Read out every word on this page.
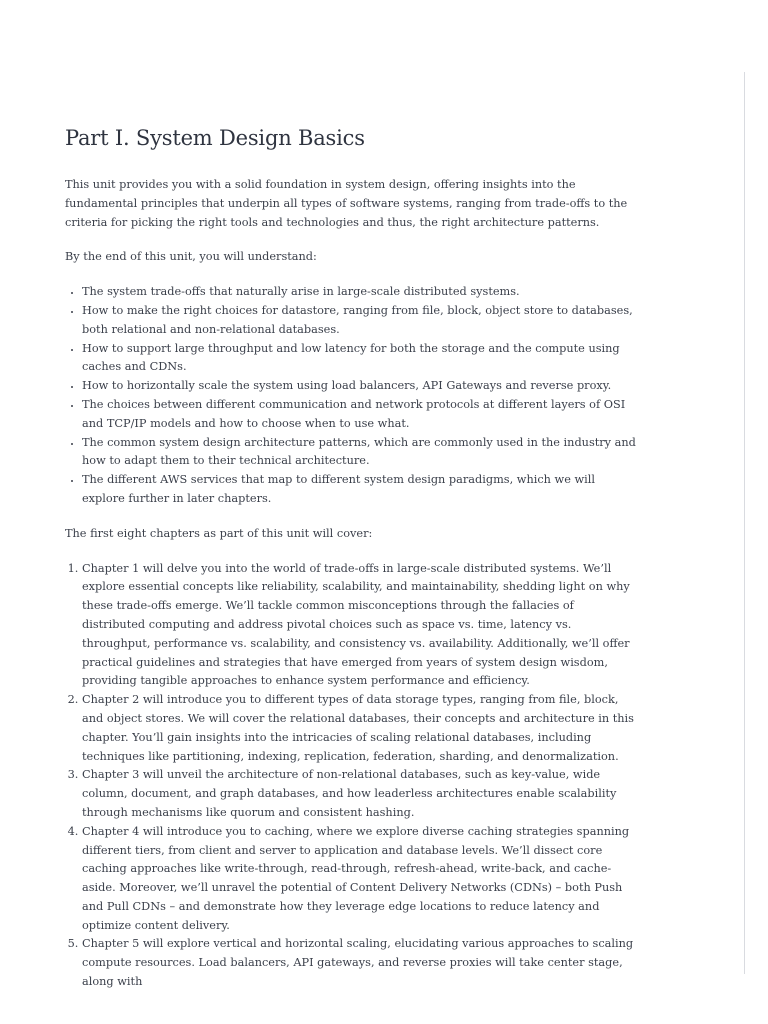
Part I. System Design Basics

This unit provides you with a solid foundation in system design, offering insights into the fundamental principles that underpin all types of software systems, ranging from trade-offs to the criteria for picking the right tools and technologies and thus, the right architecture patterns.

By the end of this unit, you will understand:

• The system trade-offs that naturally arise in large-scale distributed systems.
• How to make the right choices for datastore, ranging from file, block, object store to databases, both relational and non-relational databases.
• How to support large throughput and low latency for both the storage and the compute using caches and CDNs.
• How to horizontally scale the system using load balancers, API Gateways and reverse proxy.
• The choices between different communication and network protocols at different layers of OSI and TCP/IP models and how to choose when to use what.
• The common system design architecture patterns, which are commonly used in the industry and how to adapt them to their technical architecture.
• The different AWS services that map to different system design paradigms, which we will explore further in later chapters.

The first eight chapters as part of this unit will cover:

1. Chapter 1 will delve you into the world of trade-offs in large-scale distributed systems. We’ll explore essential concepts like reliability, scalability, and maintainability, shedding light on why these trade-offs emerge. We’ll tackle common misconceptions through the fallacies of distributed computing and address pivotal choices such as space vs. time, latency vs. throughput, performance vs. scalability, and consistency vs. availability. Additionally, we’ll offer practical guidelines and strategies that have emerged from years of system design wisdom, providing tangible approaches to enhance system performance and efficiency.
2. Chapter 2 will introduce you to different types of data storage types, ranging from file, block, and object stores. We will cover the relational databases, their concepts and architecture in this chapter. You’ll gain insights into the intricacies of scaling relational databases, including techniques like partitioning, indexing, replication, federation, sharding, and denormalization.
3. Chapter 3 will unveil the architecture of non-relational databases, such as key-value, wide column, document, and graph databases, and how leaderless architectures enable scalability through mechanisms like quorum and consistent hashing.
4. Chapter 4 will introduce you to caching, where we explore diverse caching strategies spanning different tiers, from client and server to application and database levels. We’ll dissect core caching approaches like write-through, read-through, refresh-ahead, write-back, and cache-aside. Moreover, we’ll unravel the potential of Content Delivery Networks (CDNs) – both Push and Pull CDNs – and demonstrate how they leverage edge locations to reduce latency and optimize content delivery.
5. Chapter 5 will explore vertical and horizontal scaling, elucidating various approaches to scaling compute resources. Load balancers, API gateways, and reverse proxies will take center stage, along with
